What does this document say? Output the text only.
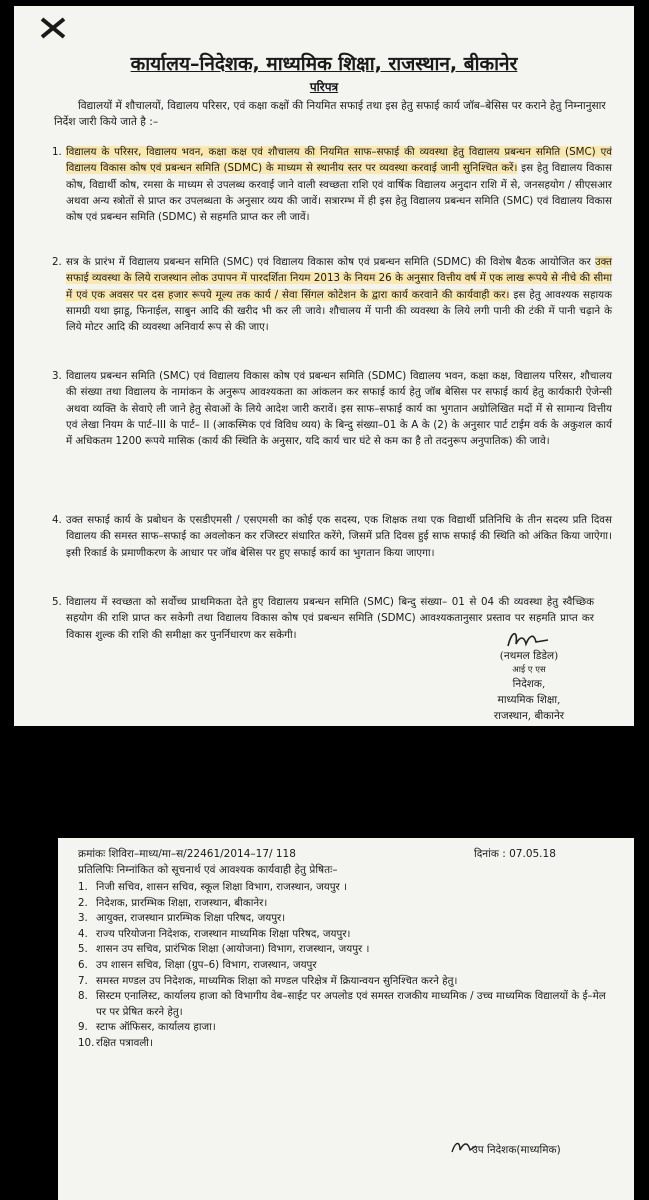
कार्यालय–निदेशक, माध्यमिक शिक्षा, राजस्थान, बीकानेर
परिपत्र
विद्यालयों में शौचालयों, विद्यालय परिसर, एवं कक्षा कक्षों की नियमित सफाई तथा इस हेतु सफाई कार्य जॉब–बेसिस पर कराने हेतु निम्नानुसार निर्देश जारी किये जाते है :–
1. विद्यालय के परिसर, विद्यालय भवन, कक्षा कक्ष एवं शौचालय की नियमित साफ–सफाई की व्यवस्था हेतु विद्यालय प्रबन्धन समिति (SMC) एवं विद्यालय विकास कोष एवं प्रबन्धन समिति (SDMC) के माध्यम से स्थानीय स्तर पर व्यवस्था करवाई जानी सुनिश्चित करें। इस हेतु विद्यालय विकास कोष, विद्यार्थी कोष, रमसा के माध्यम से उपलब्ध करवाई जाने वाली स्वच्छता राशि एवं वार्षिक विद्यालय अनुदान राशि में से, जनसहयोग / सीएसआर अथवा अन्य स्त्रोतों से प्राप्त कर उपलब्धता के अनुसार व्यय की जावें। सत्रारम्भ में ही इस हेतु विद्यालय प्रबन्धन समिति (SMC) एवं विद्यालय विकास कोष एवं प्रबन्धन समिति (SDMC) से सहमति प्राप्त कर ली जावें।
2. सत्र के प्रारंभ में विद्यालय प्रबन्धन समिति (SMC) एवं विद्यालय विकास कोष एवं प्रबन्धन समिति (SDMC) की विशेष बैठक आयोजित कर उक्त सफाई व्यवस्था के लिये राजस्थान लोक उपापन में पारदर्शिता नियम 2013 के नियम 26 के अनुसार वित्तीय वर्ष में एक लाख रूपये से नीचे की सीमा में एवं एक अवसर पर दस हजार रूपये मूल्य तक कार्य / सेवा सिंगल कोटेशन के द्वारा कार्य करवाने की कार्यवाही कर। इस हेतु आवश्यक सहायक सामग्री यथा झाडू, फिनाईल, साबुन आदि की खरीद भी कर ली जावे। शौचालय में पानी की व्यवस्था के लिये लगी पानी की टंकी में पानी चढ़ाने के लिये मोटर आदि की व्यवस्था अनिवार्य रूप से की जाए।
3. विद्यालय प्रबन्धन समिति (SMC) एवं विद्यालय विकास कोष एवं प्रबन्धन समिति (SDMC) विद्यालय भवन, कक्षा कक्ष, विद्यालय परिसर, शौचालय की संख्या तथा विद्यालय के नामांकन के अनुरूप आवश्यकता का आंकलन कर सफाई कार्य हेतु जॉब बेसिस पर सफाई कार्य हेतु कार्यकारी ऐजेन्सी अथवा व्यक्ति के सेवाऐ ली जाने हेतु सेवाओं के लिये आदेश जारी करावें। इस साफ–सफाई कार्य का भुगतान अग्रोलिखित मदों में से सामान्य वित्तीय एवं लेखा नियम के पार्ट–III के पार्ट– II (आकस्मिक एवं विविध व्यय) के बिन्दु संख्या–01 के A के (2) के अनुसार पार्ट टाईम वर्क के अकुशल कार्य में अधिकतम 1200 रूपये मासिक (कार्य की स्थिति के अनुसार, यदि कार्य चार घंटे से कम का है तो तदनुरूप अनुपातिक) की जावे।
4. उक्त सफाई कार्य के प्रबोधन के एसडीएमसी / एसएमसी का कोई एक सदस्य, एक शिक्षक तथा एक विद्यार्थी प्रतिनिधि के तीन सदस्य प्रति दिवस विद्यालय की समस्त साफ–सफाई का अवलोकन कर रजिस्टर संधारित करेंगे, जिसमें प्रति दिवस हुई साफ सफाई की स्थिति को अंकित किया जाऐगा। इसी रिकार्ड के प्रमाणीकरण के आधार पर जॉब बेसिस पर हुए सफाई कार्य का भुगतान किया जाएगा।
5. विद्यालय में स्वच्छता को सर्वोच्च प्राथमिकता देते हुए विद्यालय प्रबन्धन समिति (SMC) बिन्दु संख्या– 01 से 04 की व्यवस्था हेतु स्वैच्छिक सहयोग की राशि प्राप्त कर सकेगी तथा विद्यालय विकास कोष एवं प्रबन्धन समिति (SDMC) आवश्यकतानुसार प्रस्ताव पर सहमति प्राप्त कर विकास शुल्क की राशि की समीक्षा कर पुनर्निधारण कर सकेगी।
(नथमल डिडेल)
आई ए एस
निदेशक,
माध्यमिक शिक्षा,
राजस्थान, बीकानेर
क्रमांकः शिविरा–माध्य/मा–स/22461/2014–17/ 118	दिनांक : 07.05.18
प्रतिलिपिः निम्नांकित को सूचनार्थ एवं आवश्यक कार्यवाही हेतु प्रेषितः–
1. निजी सचिव, शासन सचिव, स्कूल शिक्षा विभाग, राजस्थान, जयपुर ।
2. निदेशक, प्रारम्भिक शिक्षा, राजस्थान, बीकानेर।
3. आयुक्त, राजस्थान प्रारम्भिक शिक्षा परिषद, जयपुर।
4. राज्य परियोजना निदेशक, राजस्थान माध्यमिक शिक्षा परिषद, जयपुर।
5. शासन उप सचिव, प्रारंभिक शिक्षा (आयोजना) विभाग, राजस्थान, जयपुर ।
6. उप शासन सचिव, शिक्षा (ग्रुप–6) विभाग, राजस्थान, जयपुर
7. समस्त मण्डल उप निदेशक, माध्यमिक शिक्षा को मण्डल परिक्षेत्र में क्रियान्वयन सुनिश्चित करने हेतु।
8. सिस्टम एनालिस्ट, कार्यालय हाजा को विभागीय वेब–साईट पर अपलोड एवं समस्त राजकीय माध्यमिक / उच्च माध्यमिक विद्यालयों के ई–मेल पर पर प्रेषित करने हेतु।
9. स्टाफ ऑफिसर, कार्यालय हाजा।
10. रक्षित पत्रावली।
उप निदेशक(माध्यमिक)
